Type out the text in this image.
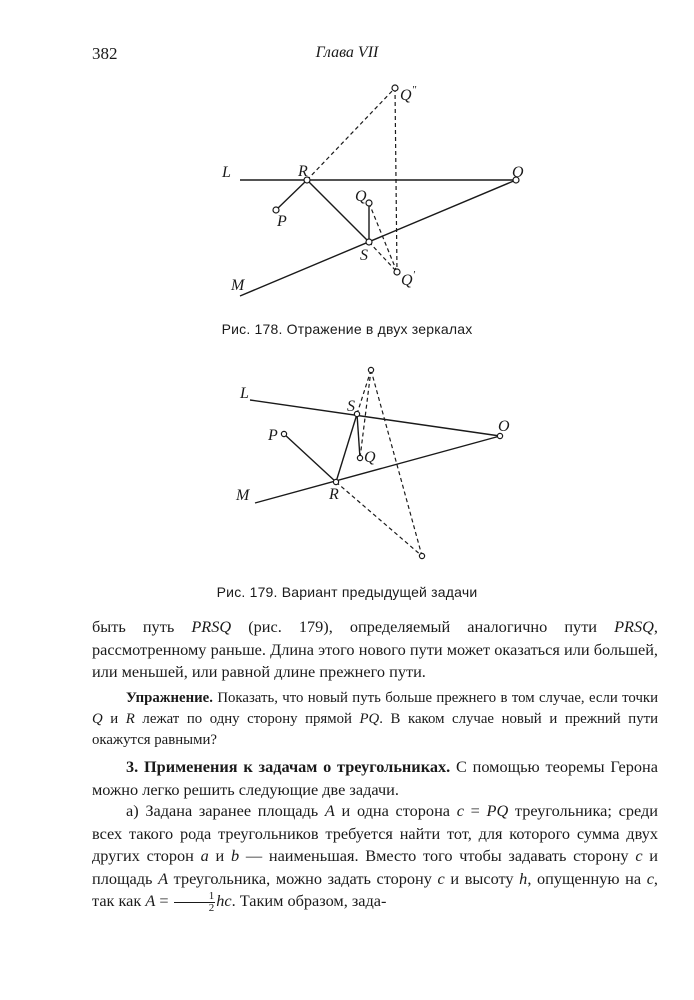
382	Глава VII
L	R	O
P
Q
S
M
Q″
Q′
Рис. 178. Отражение в двух зеркалах
L
S
O
P
Q
M	R
Рис. 179. Вариант предыдущей задачи

быть путь PRSQ (рис. 179), определяемый аналогично пути PRSQ, рассмотренному раньше. Длина этого нового пути может оказаться или большей, или меньшей, или равной длине прежнего пути.

Упражнение. Показать, что новый путь больше прежнего в том случае, если точки Q и R лежат по одну сторону прямой PQ. В каком случае новый и прежний пути окажутся равными?

3. Применения к задачам о треугольниках. С помощью теоремы Герона можно легко решить следующие две задачи.

а) Задана заранее площадь A и одна сторона c = PQ треугольника; среди всех такого рода треугольников требуется найти тот, для которого сумма двух других сторон a и b — наименьшая. Вместо того чтобы задавать сторону c и площадь A треугольника, можно задать сторону c и высоту h, опущенную на c, так как $A = \frac{1}{2}$ hc. Таким образом, зада-
